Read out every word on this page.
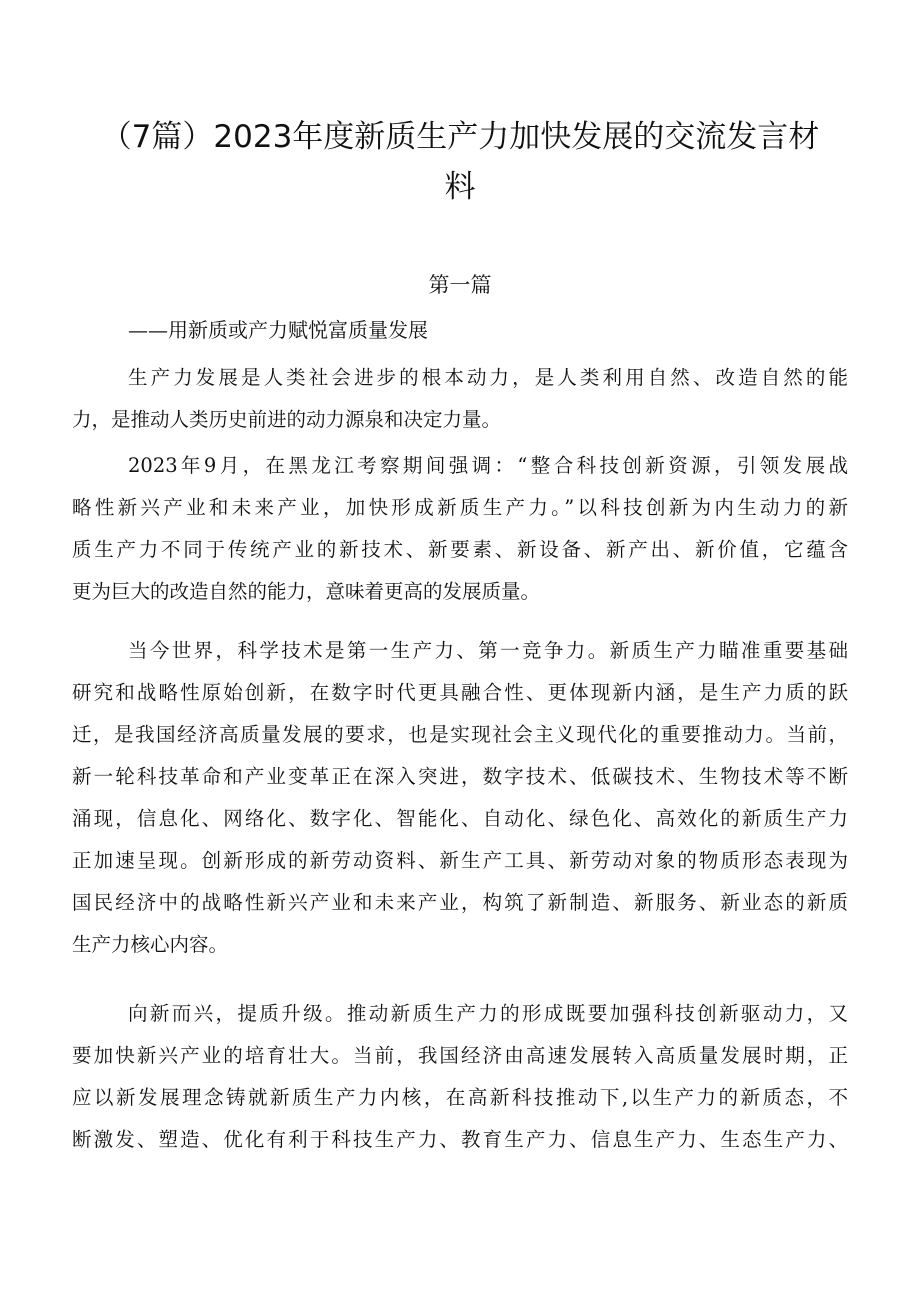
（7篇）2023年度新质生产力加快发展的交流发言材
料
第一篇

——用新质或产力赋悦富质量发展

生产力发展是人类社会进步的根本动力，是人类利用自然、改造自然的能
力，是推动人类历史前进的动力源泉和决定力量。
2023年9月，在黑龙江考察期间强调：“整合科技创新资源，引领发展战
略性新兴产业和未来产业，加快形成新质生产力。”以科技创新为内生动力的新
质生产力不同于传统产业的新技术、新要素、新设备、新产出、新价值，它蕴含
更为巨大的改造自然的能力，意味着更高的发展质量。
当今世界，科学技术是第一生产力、第一竞争力。新质生产力瞄准重要基础
研究和战略性原始创新，在数字时代更具融合性、更体现新内涵，是生产力质的跃
迁，是我国经济高质量发展的要求，也是实现社会主义现代化的重要推动力。当前，
新一轮科技革命和产业变革正在深入突进，数字技术、低碳技术、生物技术等不断
涌现，信息化、网络化、数字化、智能化、自动化、绿色化、高效化的新质生产力
正加速呈现。创新形成的新劳动资料、新生产工具、新劳动对象的物质形态表现为
国民经济中的战略性新兴产业和未来产业，构筑了新制造、新服务、新业态的新质
生产力核心内容。
向新而兴，提质升级。推动新质生产力的形成既要加强科技创新驱动力，又
要加快新兴产业的培育壮大。当前，我国经济由高速发展转入高质量发展时期，正
应以新发展理念铸就新质生产力内核，在高新科技推动下,以生产力的新质态，不
断激发、塑造、优化有利于科技生产力、教育生产力、信息生产力、生态生产力、
